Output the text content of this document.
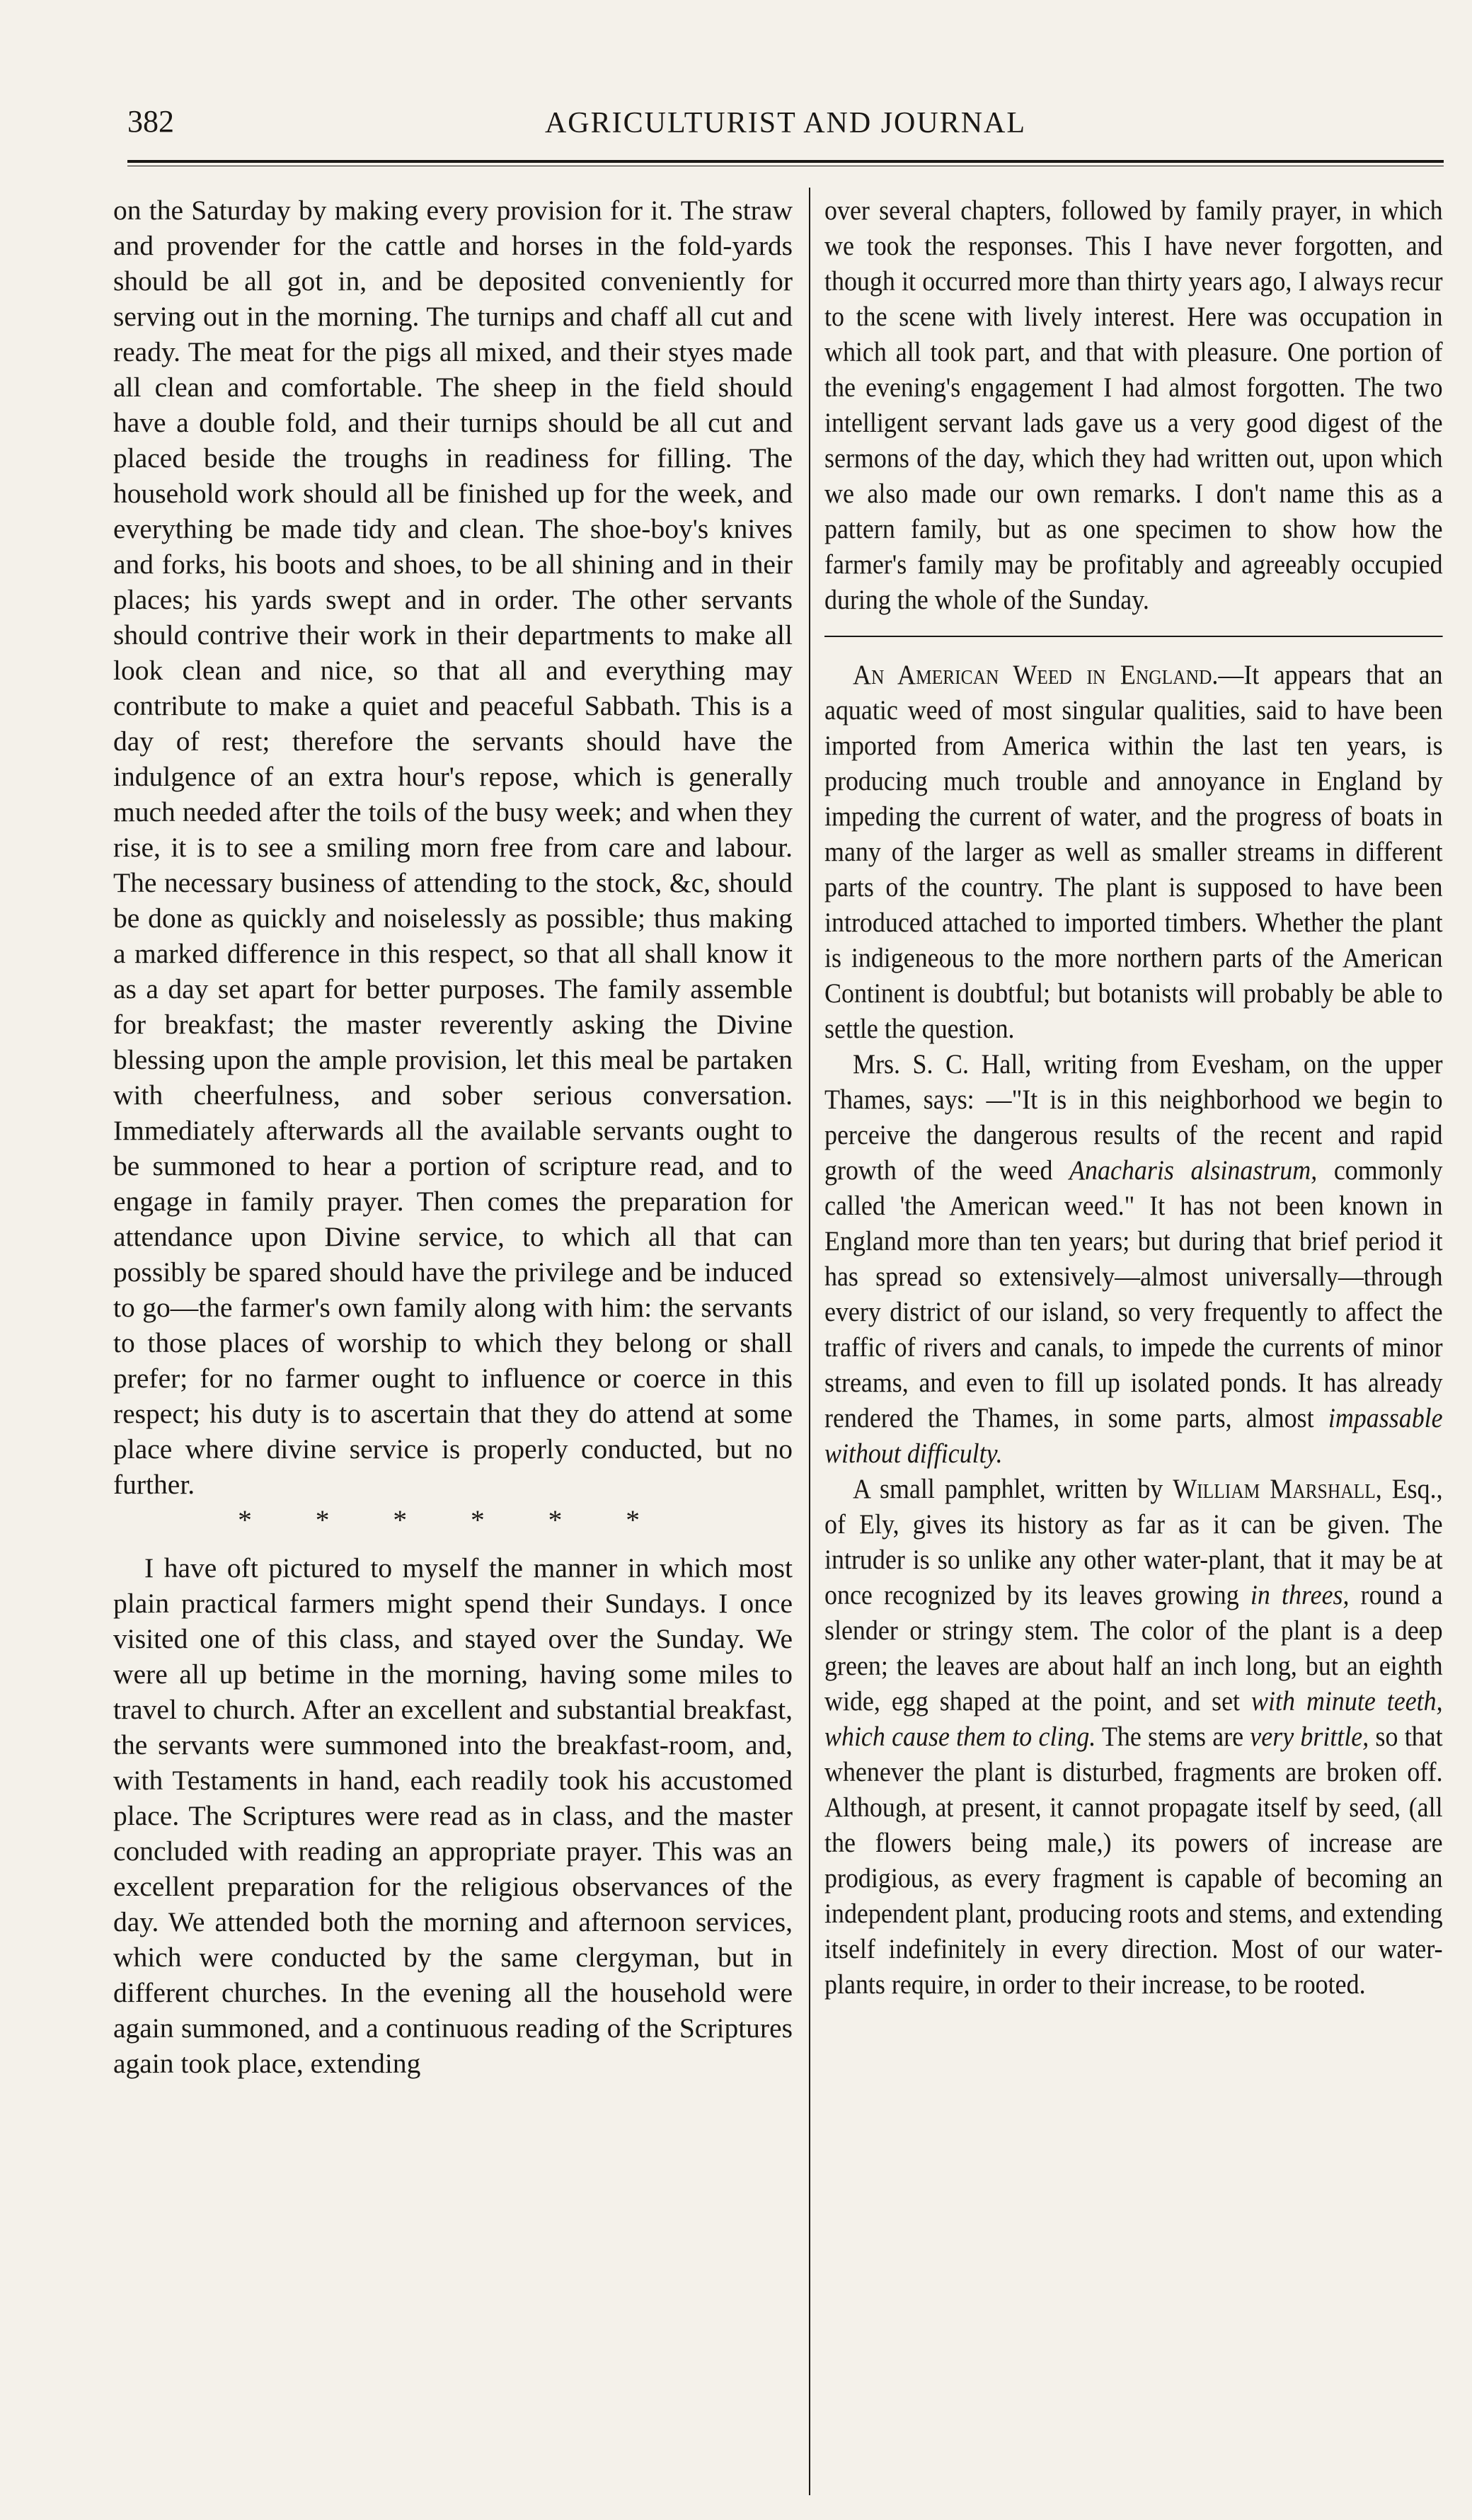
382	AGRICULTURIST AND JOURNAL

on the Saturday by making every provision for it. The straw and provender for the cattle and horses in the fold-yards should be all got in, and be deposited conveniently for serving out in the morning. The turnips and chaff all cut and ready. The meat for the pigs all mixed, and their styes made all clean and comfortable. The sheep in the field should have a double fold, and their turnips should be all cut and placed beside the troughs in readiness for filling. The household work should all be finished up for the week, and everything be made tidy and clean. The shoe-boy's knives and forks, his boots and shoes, to be all shining and in their places; his yards swept and in order. The other servants should contrive their work in their departments to make all look clean and nice, so that all and everything may contribute to make a quiet and peaceful Sabbath. This is a day of rest; therefore the servants should have the indulgence of an extra hour's repose, which is generally much needed after the toils of the busy week; and when they rise, it is to see a smiling morn free from care and labour. The necessary business of attending to the stock, &c, should be done as quickly and noiselessly as possible; thus making a marked difference in this respect, so that all shall know it as a day set apart for better purposes. The family assemble for breakfast; the master reverently asking the Divine blessing upon the ample provision, let this meal be partaken with cheerfulness, and sober serious conversation. Immediately afterwards all the available servants ought to be summoned to hear a portion of scripture read, and to engage in family prayer. Then comes the preparation for attendance upon Divine service, to which all that can possibly be spared should have the privilege and be induced to go—the farmer's own family along with him: the servants to those places of worship to which they belong or shall prefer; for no farmer ought to influence or coerce in this respect; his duty is to ascertain that they do attend at some place where divine service is properly conducted, but no further.

* * * * * *

I have oft pictured to myself the manner in which most plain practical farmers might spend their Sundays. I once visited one of this class, and stayed over the Sunday. We were all up betime in the morning, having some miles to travel to church. After an excellent and substantial breakfast, the servants were summoned into the breakfast-room, and, with Testaments in hand, each readily took his accustomed place. The Scriptures were read as in class, and the master concluded with reading an appropriate prayer. This was an excellent preparation for the religious observances of the day. We attended both the morning and afternoon services, which were conducted by the same clergyman, but in different churches. In the evening all the household were again summoned, and a continuous reading of the Scriptures again took place, extending

over several chapters, followed by family prayer, in which we took the responses. This I have never forgotten, and though it occurred more than thirty years ago, I always recur to the scene with lively interest. Here was occupation in which all took part, and that with pleasure. One portion of the evening's engagement I had almost forgotten. The two intelligent servant lads gave us a very good digest of the sermons of the day, which they had written out, upon which we also made our own remarks. I don't name this as a pattern family, but as one specimen to show how the farmer's family may be profitably and agreeably occupied during the whole of the Sunday.

An American Weed in England.—It appears that an aquatic weed of most singular qualities, said to have been imported from America within the last ten years, is producing much trouble and annoyance in England by impeding the current of water, and the progress of boats in many of the larger as well as smaller streams in different parts of the country. The plant is supposed to have been introduced attached to imported timbers. Whether the plant is indigeneous to the more northern parts of the American Continent is doubtful; but botanists will probably be able to settle the question.

Mrs. S. C. Hall, writing from Evesham, on the upper Thames, says: —"It is in this neighborhood we begin to perceive the dangerous results of the recent and rapid growth of the weed Anacharis alsinastrum, commonly called 'the American weed." It has not been known in England more than ten years; but during that brief period it has spread so extensively—almost universally—through every district of our island, so very frequently to affect the traffic of rivers and canals, to impede the currents of minor streams, and even to fill up isolated ponds. It has already rendered the Thames, in some parts, almost impassable without difficulty.

A small pamphlet, written by William Marshall, Esq., of Ely, gives its history as far as it can be given. The intruder is so unlike any other water-plant, that it may be at once recognized by its leaves growing in threes, round a slender or stringy stem. The color of the plant is a deep green; the leaves are about half an inch long, but an eighth wide, egg shaped at the point, and set with minute teeth, which cause them to cling. The stems are very brittle, so that whenever the plant is disturbed, fragments are broken off. Although, at present, it cannot propagate itself by seed, (all the flowers being male,) its powers of increase are prodigious, as every fragment is capable of becoming an independent plant, producing roots and stems, and extending itself indefinitely in every direction. Most of our water-plants require, in order to their increase, to be rooted.
